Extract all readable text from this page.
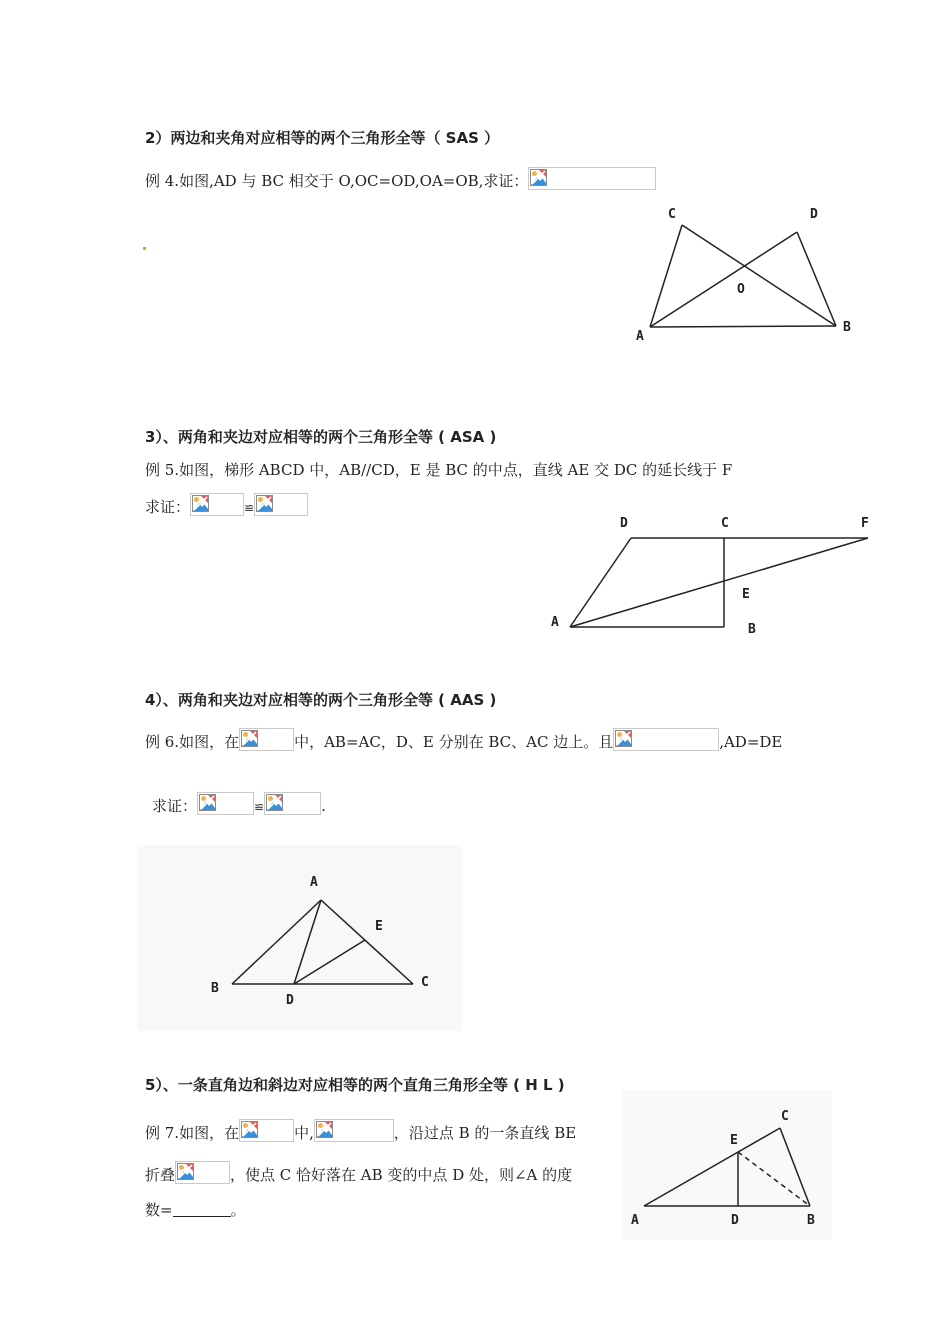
2）两边和夹角对应相等的两个三角形全等（ SAS ）
例 4.如图,AD 与 BC 相交于 O,OC=OD,OA=OB,求证：
C	D
O
A
B
3）、两角和夹边对应相等的两个三角形全等 ( ASA )
例 5.如图，梯形 ABCD 中，AB//CD，E 是 BC 的中点，直线 AE 交 DC 的延长线于 F
求证：	≌
D	C	F
E
A	B
4）、两角和夹边对应相等的两个三角形全等 ( AAS )
例 6.如图，在	中，AB=AC，D、E 分别在 BC、AC 边上。且	,AD=DE
求证：	≌	.
A
E
B
D
C
5）、一条直角边和斜边对应相等的两个直角三角形全等 ( H L )
例 7.如图，在	中,	，沿过点 B 的一条直线 BE
折叠	，使点 C 恰好落在 AB 变的中点 D 处，则∠A 的度
数=	。
C
E
A	D	B
